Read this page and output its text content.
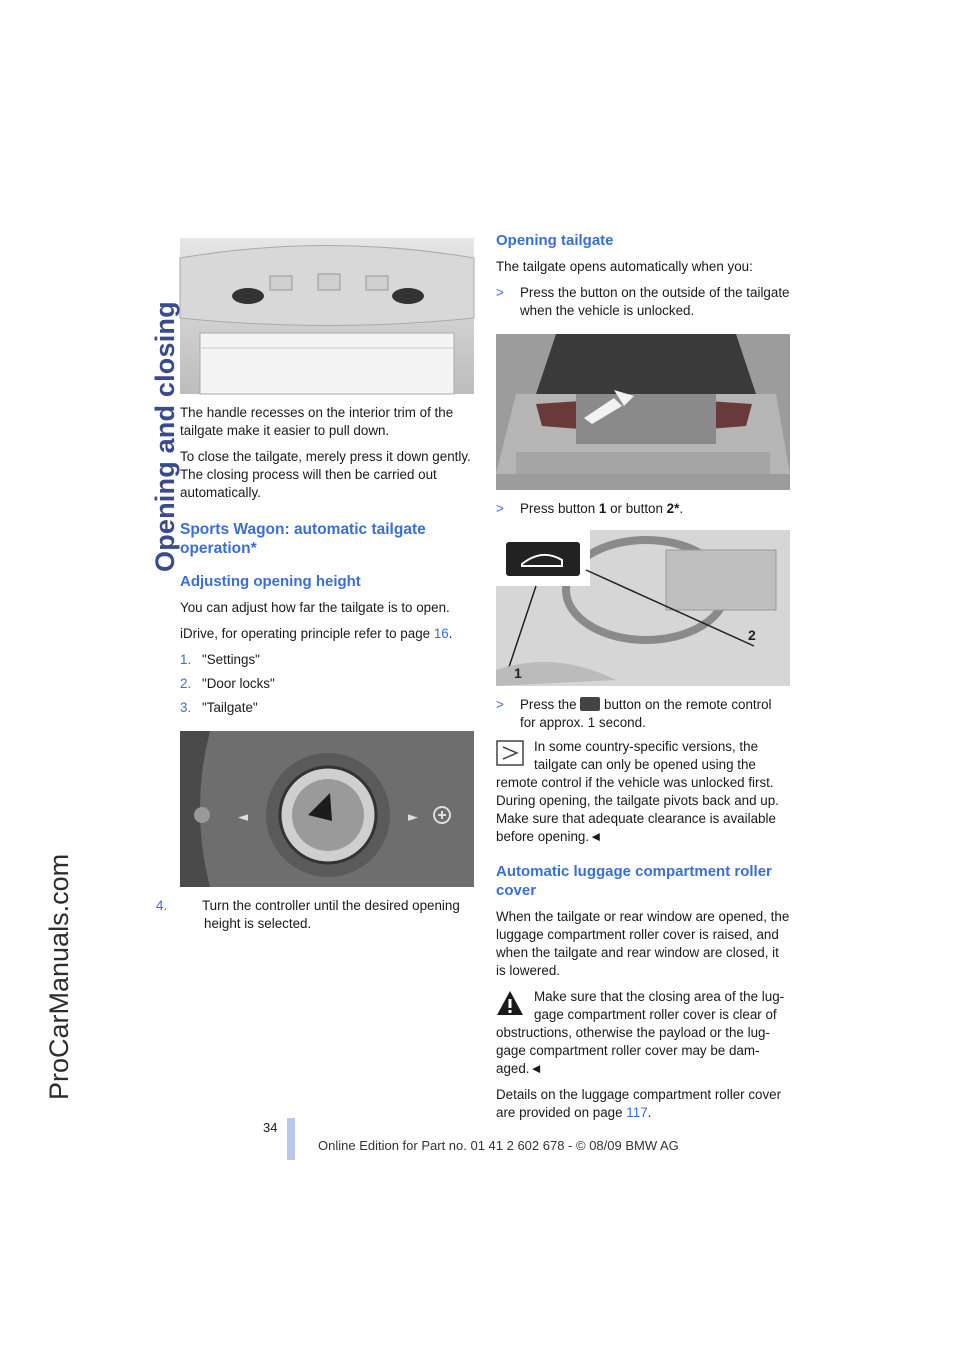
Opening and closing
ProCarManuals.com

The handle recesses on the interior trim of the tailgate make it easier to pull down.

To close the tailgate, merely press it down gently. The closing process will then be carried out automatically.

Sports Wagon: automatic tailgate operation*
Adjusting opening height

You can adjust how far the tailgate is to open.

iDrive, for operating principle refer to page 16.

1. "Settings"
2. "Door locks"
3. "Tailgate"
◄	►
4.	Turn the controller until the desired opening height is selected.
Opening tailgate

The tailgate opens automatically when you:

> Press the button on the outside of the tailgate when the vehicle is unlocked.
> Press button 1 or button 2*.
1
2
> Press the  button on the remote control for approx. 1 second.
In some country-specific versions, the tailgate can only be opened using the remote control if the vehicle was unlocked first. During opening, the tailgate pivots back and up. Make sure that adequate clearance is available before opening.◄
Automatic luggage compartment roller cover

When the tailgate or rear window are opened, the luggage compartment roller cover is raised, and when the tailgate and rear window are closed, it is lowered.

Make sure that the closing area of the luggage compartment roller cover is clear of obstructions, otherwise the payload or the luggage compartment roller cover may be damaged.◄

Details on the luggage compartment roller cover are provided on page 117.

34
Online Edition for Part no. 01 41 2 602 678 - © 08/09 BMW AG
